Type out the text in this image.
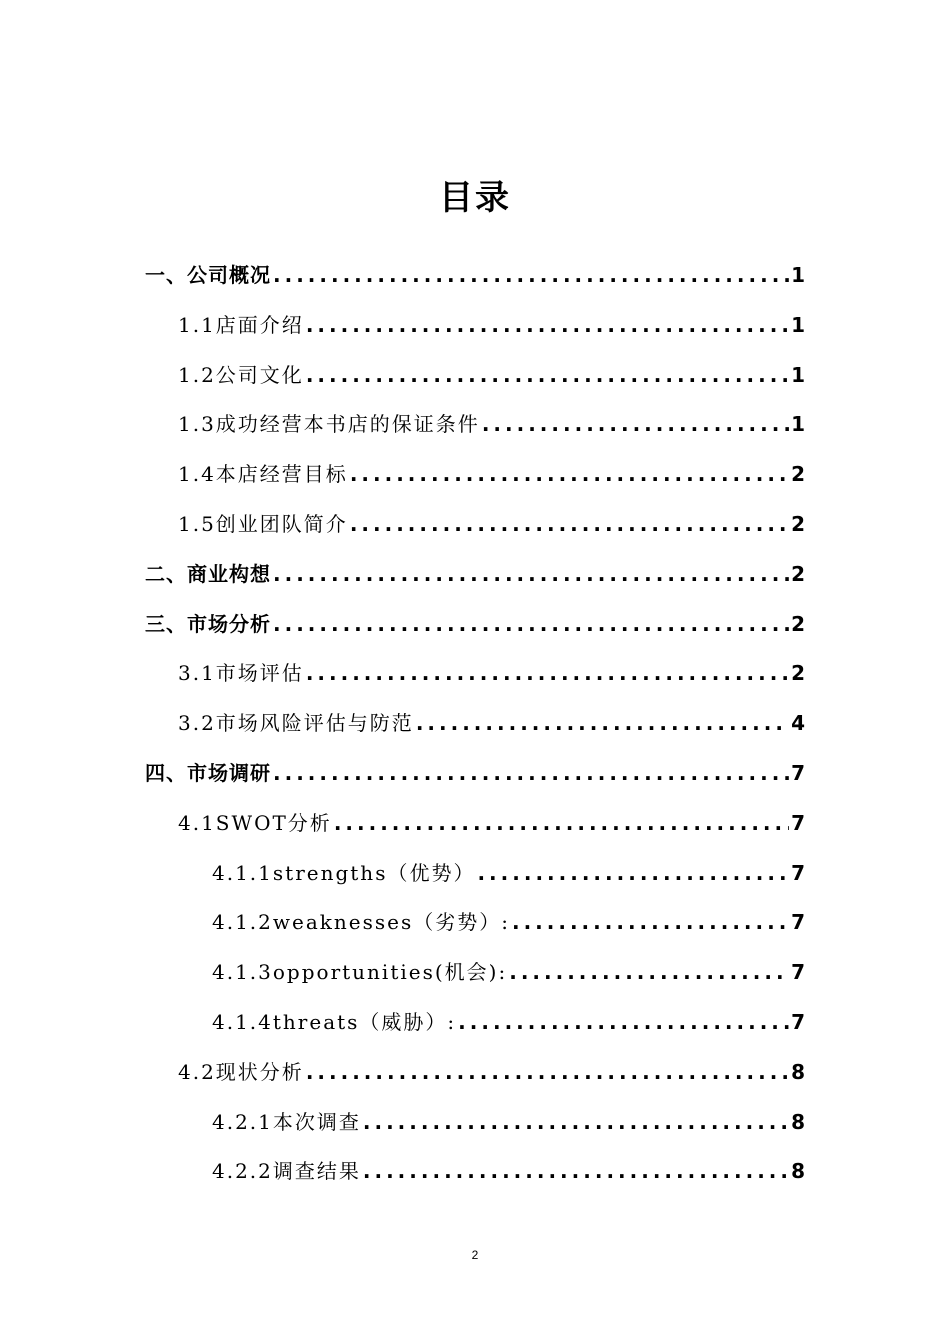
目录
一、公司概况 .....	1
1.1店面介绍 .....	1
1.2公司文化 .....	1
1.3成功经营本书店的保证条件 .....	1
1.4本店经营目标 .....	2
1.5创业团队简介 .....	2
二、商业构想 .....	2
三、市场分析 .....	2
3.1市场评估 .....	2
3.2市场风险评估与防范 .....	4
四、市场调研 .....	7
4.1SWOT分析 .....	7
4.1.1strengths（优势） .....	7
4.1.2weaknesses（劣势）: .....	7
4.1.3opportunities(机会): .....	7
4.1.4threats（威胁）: .....	7
4.2现状分析 .....	8
4.2.1本次调查 .....	8
4.2.2调查结果 .....	8
2
